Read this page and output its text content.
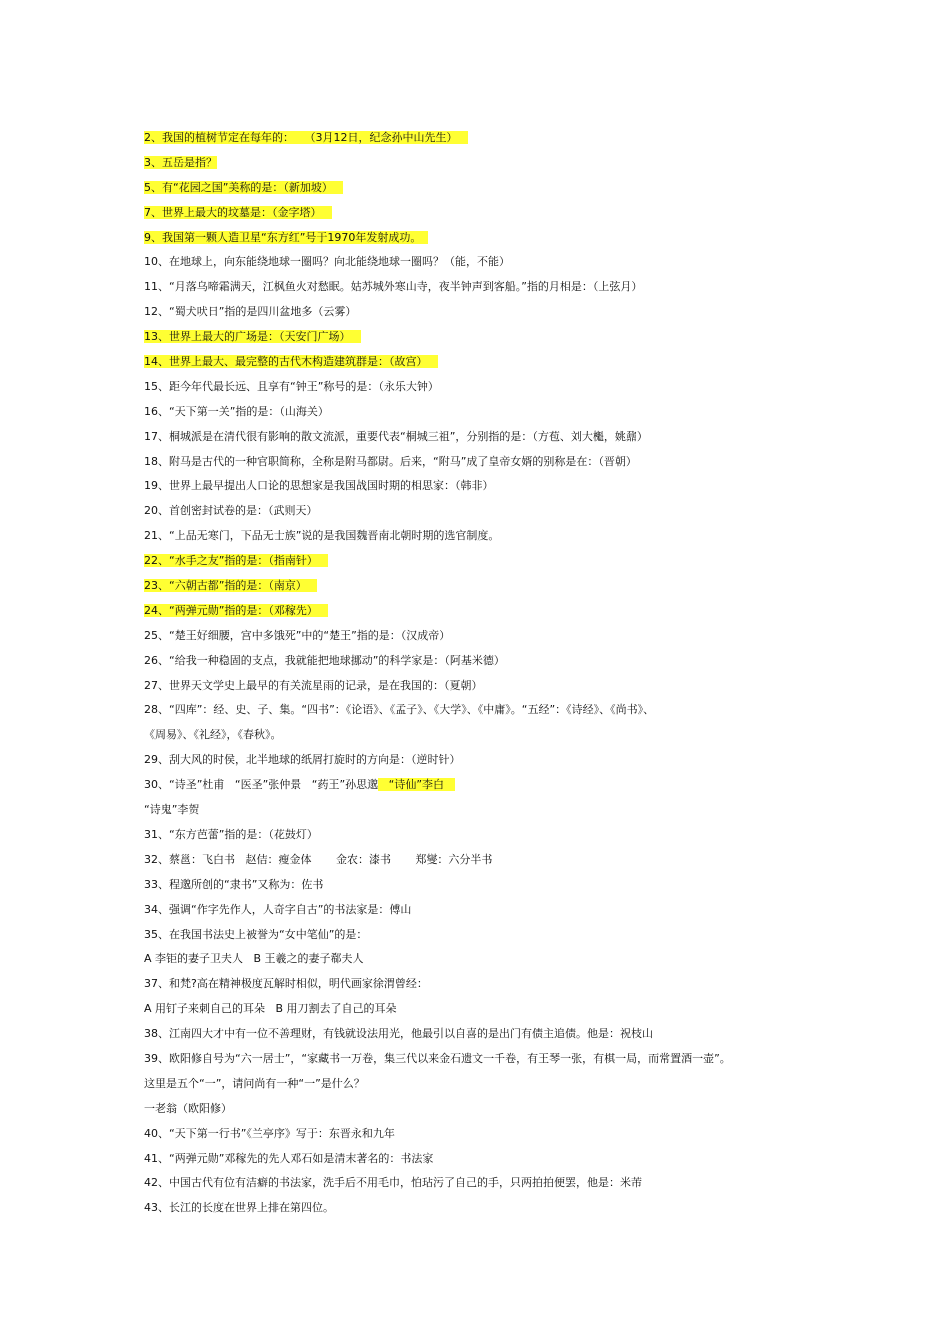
2、我国的植树节定在每年的：   （3月12日，纪念孙中山先生）
3、五岳是指？
5、有“花园之国”美称的是：（新加坡）
7、世界上最大的坟墓是：（金字塔）
9、我国第一颗人造卫星“东方红”号于1970年发射成功。
10、在地球上，向东能绕地球一圈吗？向北能绕地球一圈吗？（能，不能）
11、“月落乌啼霜满天，江枫鱼火对愁眠。姑苏城外寒山寺，夜半钟声到客船。”指的月相是：（上弦月）
12、“蜀犬吠日”指的是四川盆地多（云雾）
13、世界上最大的广场是：（天安门广场）
14、世界上最大、最完整的古代木构造建筑群是：（故宫）
15、距今年代最长远、且享有“钟王”称号的是：（永乐大钟）
16、“天下第一关”指的是：（山海关）
17、桐城派是在清代很有影响的散文流派，重要代表“桐城三祖”，分别指的是：（方苞、刘大櫆，姚鼐）
18、附马是古代的一种官职简称，全称是附马都尉。后来，“附马”成了皇帝女婿的别称是在：（晋朝）
19、世界上最早提出人口论的思想家是我国战国时期的相思家：（韩非）
20、首创密封试卷的是：（武则天）
21、“上品无寒门，下品无士族”说的是我国魏晋南北朝时期的选官制度。
22、“水手之友”指的是：（指南针）
23、“六朝古都”指的是：（南京）
24、“两弹元勋”指的是：（邓稼先）
25、“楚王好细腰，宫中多饿死”中的“楚王”指的是：（汉成帝）
26、“给我一种稳固的支点，我就能把地球挪动”的科学家是：（阿基米德）
27、世界天文学史上最早的有关流星雨的记录，是在我国的：（夏朝）
28、“四库”：经、史、子、集。“四书”：《论语》、《孟子》、《大学》、《中庸》。“五经”：《诗经》、《尚书》、
《周易》、《礼经》，《春秋》。
29、刮大风的时侯，北半地球的纸屑打旋时的方向是：（逆时针）
30、“诗圣”杜甫   “医圣”张仲景   “药王”孙思邈   “诗仙”李白
“诗鬼”李贺
31、“东方芭蕾”指的是：（花鼓灯）
32、蔡邕：飞白书   赵佶：瘦金体       金农：漆书       郑燮：六分半书
33、程邈所创的“隶书”又称为：佐书
34、强调“作字先作人，人奇字自古”的书法家是：傅山
35、在我国书法史上被誉为“女中笔仙”的是：
A 李钜的妻子卫夫人   B 王羲之的妻子郗夫人
37、和梵?高在精神极度瓦解时相似，明代画家徐渭曾经：
A 用钉子来刺自己的耳朵   B 用刀割去了自己的耳朵
38、江南四大才中有一位不善理财，有钱就设法用光，他最引以自喜的是出门有债主追债。他是：祝枝山
39、欧阳修自号为“六一居士”，“家藏书一万卷，集三代以来金石遗文一千卷，有王琴一张，有棋一局，而常置酒一壶”。
这里是五个“一”，请问尚有一种“一”是什么？
一老翁（欧阳修）
40、“天下第一行书”《兰亭序》写于：东晋永和九年
41、“两弹元勋”邓稼先的先人邓石如是清末著名的：书法家
42、中国古代有位有洁癖的书法家，洗手后不用毛巾，怕玷污了自己的手，只两拍拍便罢，他是：米芾
43、长江的长度在世界上排在第四位。
